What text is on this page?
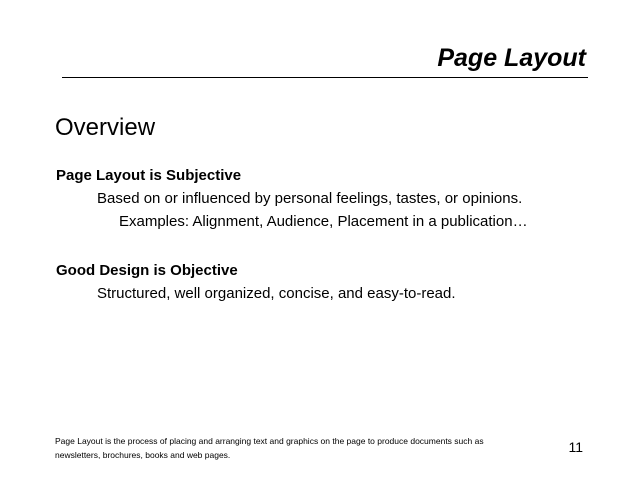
Page Layout
Overview
Page Layout is Subjective
Based on or influenced by personal feelings, tastes, or opinions.
Examples: Alignment, Audience, Placement in a publication…
Good Design is Objective
Structured, well organized, concise, and easy-to-read.
Page Layout is the process of placing and arranging text and graphics on the page to produce documents such as newsletters, brochures, books and web pages.	11
